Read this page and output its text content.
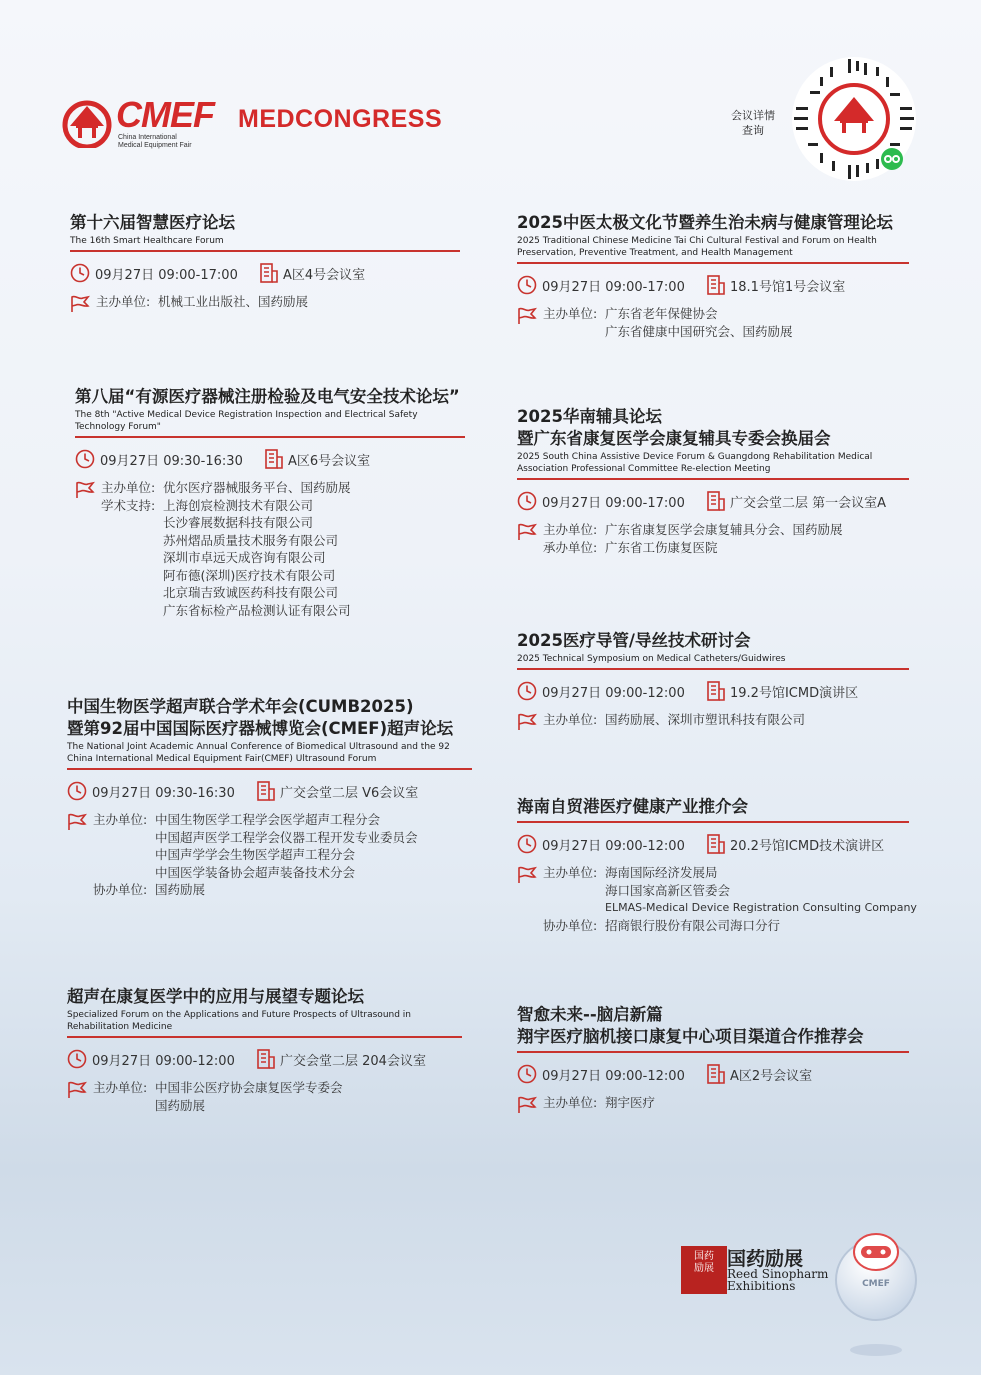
CMEF
China International
Medical Equipment Fair
MEDCONGRESS	会议详情
查询
第十六届智慧医疗论坛
The 16th Smart Healthcare Forum
09月27日 09:00-17:00	A区4号会议室
主办单位: 机械工业出版社、国药励展
第八届“有源医疗器械注册检验及电气安全技术论坛”
The 8th "Active Medical Device Registration Inspection and Electrical Safety Technology Forum"
09月27日 09:30-16:30	A区6号会议室
主办单位: 优尔医疗器械服务平台、国药励展
学术支持: 上海创宸检测技术有限公司
长沙睿展数据科技有限公司
苏州熠品质量技术服务有限公司
深圳市卓远天成咨询有限公司
阿布德(深圳)医疗技术有限公司
北京瑞吉致诚医药科技有限公司
广东省标检产品检测认证有限公司
中国生物医学超声联合学术年会(CUMB2025)
暨第92届中国国际医疗器械博览会(CMEF)超声论坛
The National Joint Academic Annual Conference of Biomedical Ultrasound and the 92 China International Medical Equipment Fair(CMEF) Ultrasound Forum
09月27日 09:30-16:30	广交会堂二层 V6会议室
主办单位: 中国生物医学工程学会医学超声工程分会
中国超声医学工程学会仪器工程开发专业委员会
中国声学学会生物医学超声工程分会
中国医学装备协会超声装备技术分会
协办单位: 国药励展
超声在康复医学中的应用与展望专题论坛
Specialized Forum on the Applications and Future Prospects of Ultrasound in Rehabilitation Medicine
09月27日 09:00-12:00	广交会堂二层 204会议室
主办单位: 中国非公医疗协会康复医学专委会
国药励展
2025中医太极文化节暨养生治未病与健康管理论坛
2025 Traditional Chinese Medicine Tai Chi Cultural Festival and Forum on Health Preservation, Preventive Treatment, and Health Management
09月27日 09:00-17:00	18.1号馆1号会议室
主办单位: 广东省老年保健协会
广东省健康中国研究会、国药励展
2025华南辅具论坛
暨广东省康复医学会康复辅具专委会换届会
2025 South China Assistive Device Forum & Guangdong Rehabilitation Medical Association Professional Committee Re-election Meeting
09月27日 09:00-17:00	广交会堂二层 第一会议室A
主办单位: 广东省康复医学会康复辅具分会、国药励展
承办单位: 广东省工伤康复医院
2025医疗导管/导丝技术研讨会
2025 Technical Symposium on Medical Catheters/Guidwires
09月27日 09:00-12:00	19.2号馆ICMD演讲区
主办单位: 国药励展、深圳市塑讯科技有限公司
海南自贸港医疗健康产业推介会
09月27日 09:00-12:00	20.2号馆ICMD技术演讲区
主办单位: 海南国际经济发展局
海口国家高新区管委会
ELMAS-Medical Device Registration Consulting Company
协办单位: 招商银行股份有限公司海口分行
智愈未来--脑启新篇
翔宇医疗脑机接口康复中心项目渠道合作推荐会
09月27日 09:00-12:00	A区2号会议室
主办单位: 翔宇医疗
国药
励展 国药励展
Reed Sinopharm
Exhibitions	CMEF
